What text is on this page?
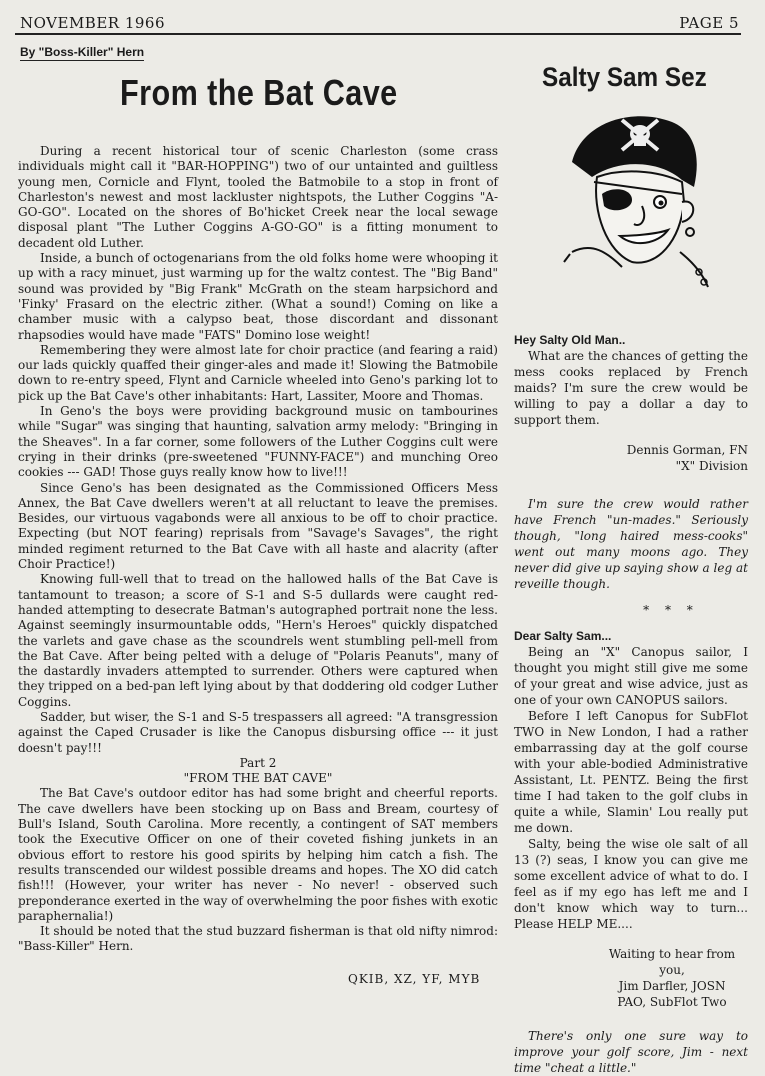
NOVEMBER 1966	PAGE 5
By "Boss-Killer" Hern
From the Bat Cave	Salty Sam Sez

During a recent historical tour of scenic Charleston (some crass individuals might call it "BAR-HOPPING") two of our untainted and guiltless young men, Cornicle and Flynt, tooled the Batmobile to a stop in front of Charleston's newest and most lackluster nightspots, the Luther Coggins "A-GO-GO". Located on the shores of Bo'hicket Creek near the local sewage disposal plant "The Luther Coggins A-GO-GO" is a fitting monument to decadent old Luther.

Inside, a bunch of octogenarians from the old folks home were whooping it up with a racy minuet, just warming up for the waltz contest. The "Big Band" sound was provided by "Big Frank" McGrath on the steam harpsichord and 'Finky' Frasard on the electric zither. (What a sound!) Coming on like a chamber music with a calypso beat, those discordant and dissonant rhapsodies would have made "FATS" Domino lose weight!

Remembering they were almost late for choir practice (and fearing a raid) our lads quickly quaffed their ginger-ales and made it! Slowing the Batmobile down to re-entry speed, Flynt and Carnicle wheeled into Geno's parking lot to pick up the Bat Cave's other inhabitants: Hart, Lassiter, Moore and Thomas.

In Geno's the boys were providing background music on tambourines while "Sugar" was singing that haunting, salvation army melody: "Bringing in the Sheaves". In a far corner, some followers of the Luther Coggins cult were crying in their drinks (pre-sweetened "FUNNY-FACE") and munching Oreo cookies --- GAD! Those guys really know how to live!!!

Since Geno's has been designated as the Commissioned Officers Mess Annex, the Bat Cave dwellers weren't at all reluctant to leave the premises. Besides, our virtuous vagabonds were all anxious to be off to choir practice. Expecting (but NOT fearing) reprisals from "Savage's Savages", the right minded regiment returned to the Bat Cave with all haste and alacrity (after Choir Practice!)

Knowing full-well that to tread on the hallowed halls of the Bat Cave is tantamount to treason; a score of S-1 and S-5 dullards were caught red-handed attempting to desecrate Batman's autographed portrait none the less. Against seemingly insurmountable odds, "Hern's Heroes" quickly dispatched the varlets and gave chase as the scoundrels went stumbling pell-mell from the Bat Cave. After being pelted with a deluge of "Polaris Peanuts", many of the dastardly invaders attempted to surrender. Others were captured when they tripped on a bed-pan left lying about by that doddering old codger Luther Coggins.

Sadder, but wiser, the S-1 and S-5 trespassers all agreed: "A transgression against the Caped Crusader is like the Canopus disbursing office --- it just doesn't pay!!!

Part 2

"FROM THE BAT CAVE"

The Bat Cave's outdoor editor has had some bright and cheerful reports. The cave dwellers have been stocking up on Bass and Bream, courtesy of Bull's Island, South Carolina. More recently, a contingent of SAT members took the Executive Officer on one of their coveted fishing junkets in an obvious effort to restore his good spirits by helping him catch a fish. The results transcended our wildest possible dreams and hopes. The XO did catch fish!!! (However, your writer has never - No never! - observed such preponderance exerted in the way of overwhelming the poor fishes with exotic paraphernalia!)

It should be noted that the stud buzzard fisherman is that old nifty nimrod: "Bass-Killer" Hern.

Hey Salty Old Man..

What are the chances of getting the mess cooks replaced by French maids? I'm sure the crew would be willing to pay a dollar a day to support them.

Dennis Gorman, FN

"X" Division

I'm sure the crew would rather have French "un-mades." Seriously though, "long haired mess-cooks" went out many moons ago. They never did give up saying show a leg at reveille though.

* * *

Dear Salty Sam...

Being an "X" Canopus sailor, I thought you might still give me some of your great and wise advice, just as one of your own CANOPUS sailors.

Before I left Canopus for SubFlot TWO in New London, I had a rather embarrassing day at the golf course with your able-bodied Administrative Assistant, Lt. PENTZ. Being the first time I had taken to the golf clubs in quite a while, Slamin' Lou really put me down.

Salty, being the wise ole salt of all 13 (?) seas, I know you can give me some excellent advice of what to do. I feel as if my ego has left me and I don't know which way to turn... Please HELP ME....

Waiting to hear from you,

Jim Darfler, JOSN

PAO, SubFlot Two

There's only one sure way to improve your golf score, Jim - next time "cheat a little."

QKIB, XZ, YF, MYB
